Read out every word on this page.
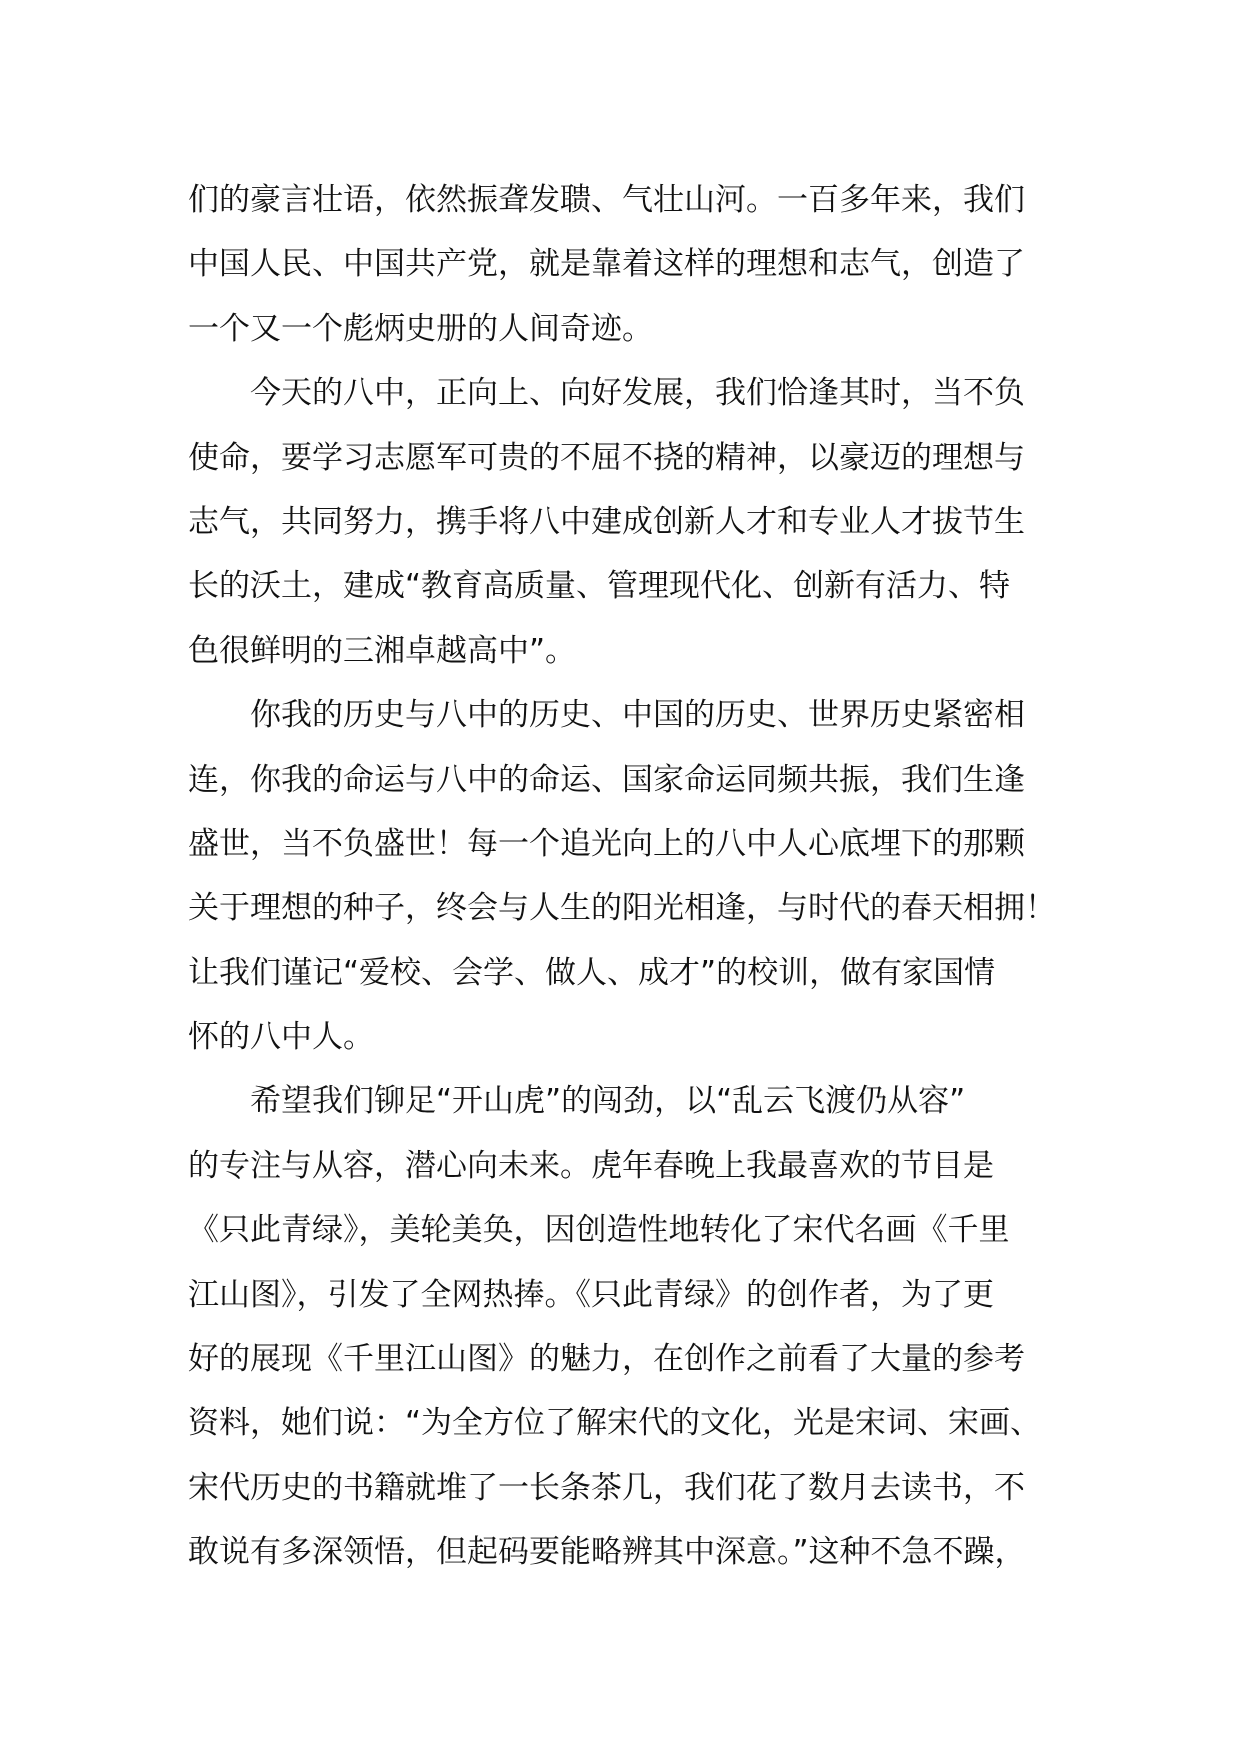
们的豪言壮语，依然振聋发聩、气壮山河。一百多年来，我们
中国人民、中国共产党，就是靠着这样的理想和志气，创造了
一个又一个彪炳史册的人间奇迹。
今天的八中，正向上、向好发展，我们恰逢其时，当不负
使命，要学习志愿军可贵的不屈不挠的精神，以豪迈的理想与
志气，共同努力，携手将八中建成创新人才和专业人才拔节生
长的沃土，建成“教育高质量、管理现代化、创新有活力、特
色很鲜明的三湘卓越高中”。
你我的历史与八中的历史、中国的历史、世界历史紧密相
连，你我的命运与八中的命运、国家命运同频共振，我们生逢
盛世，当不负盛世！每一个追光向上的八中人心底埋下的那颗
关于理想的种子，终会与人生的阳光相逢，与时代的春天相拥！
让我们谨记“爱校、会学、做人、成才”的校训，做有家国情
怀的八中人。
希望我们铆足“开山虎”的闯劲，以“乱云飞渡仍从容”
的专注与从容，潜心向未来。虎年春晚上我最喜欢的节目是
《只此青绿》，美轮美奂，因创造性地转化了宋代名画《千里
江山图》，引发了全网热捧。《只此青绿》的创作者，为了更
好的展现《千里江山图》的魅力，在创作之前看了大量的参考
资料，她们说：“为全方位了解宋代的文化，光是宋词、宋画、
宋代历史的书籍就堆了一长条茶几，我们花了数月去读书，不
敢说有多深领悟，但起码要能略辨其中深意。”这种不急不躁，
